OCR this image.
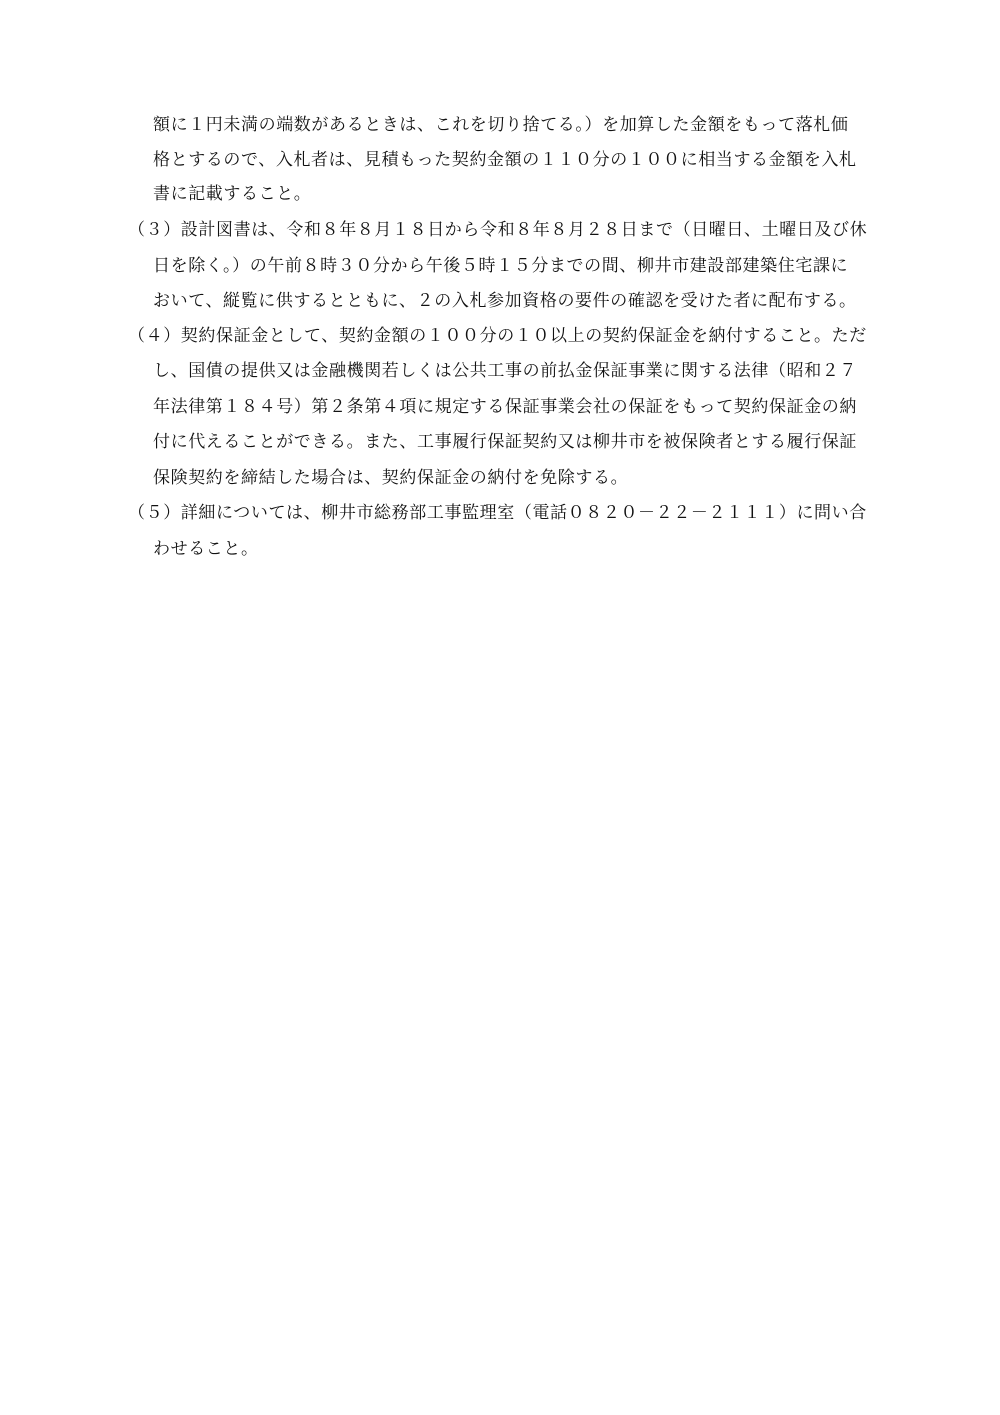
額に１円未満の端数があるときは、これを切り捨てる。）を加算した金額をもって落札価
格とするので、入札者は、見積もった契約金額の１１０分の１００に相当する金額を入札
書に記載すること。
（３）設計図書は、令和８年８月１８日から令和８年８月２８日まで（日曜日、土曜日及び休
日を除く。）の午前８時３０分から午後５時１５分までの間、柳井市建設部建築住宅課に
おいて、縦覧に供するとともに、２の入札参加資格の要件の確認を受けた者に配布する。
（４）契約保証金として、契約金額の１００分の１０以上の契約保証金を納付すること。ただ
し、国債の提供又は金融機関若しくは公共工事の前払金保証事業に関する法律（昭和２７
年法律第１８４号）第２条第４項に規定する保証事業会社の保証をもって契約保証金の納
付に代えることができる。また、工事履行保証契約又は柳井市を被保険者とする履行保証
保険契約を締結した場合は、契約保証金の納付を免除する。
（５）詳細については、柳井市総務部工事監理室（電話０８２０－２２－２１１１）に問い合
わせること。
